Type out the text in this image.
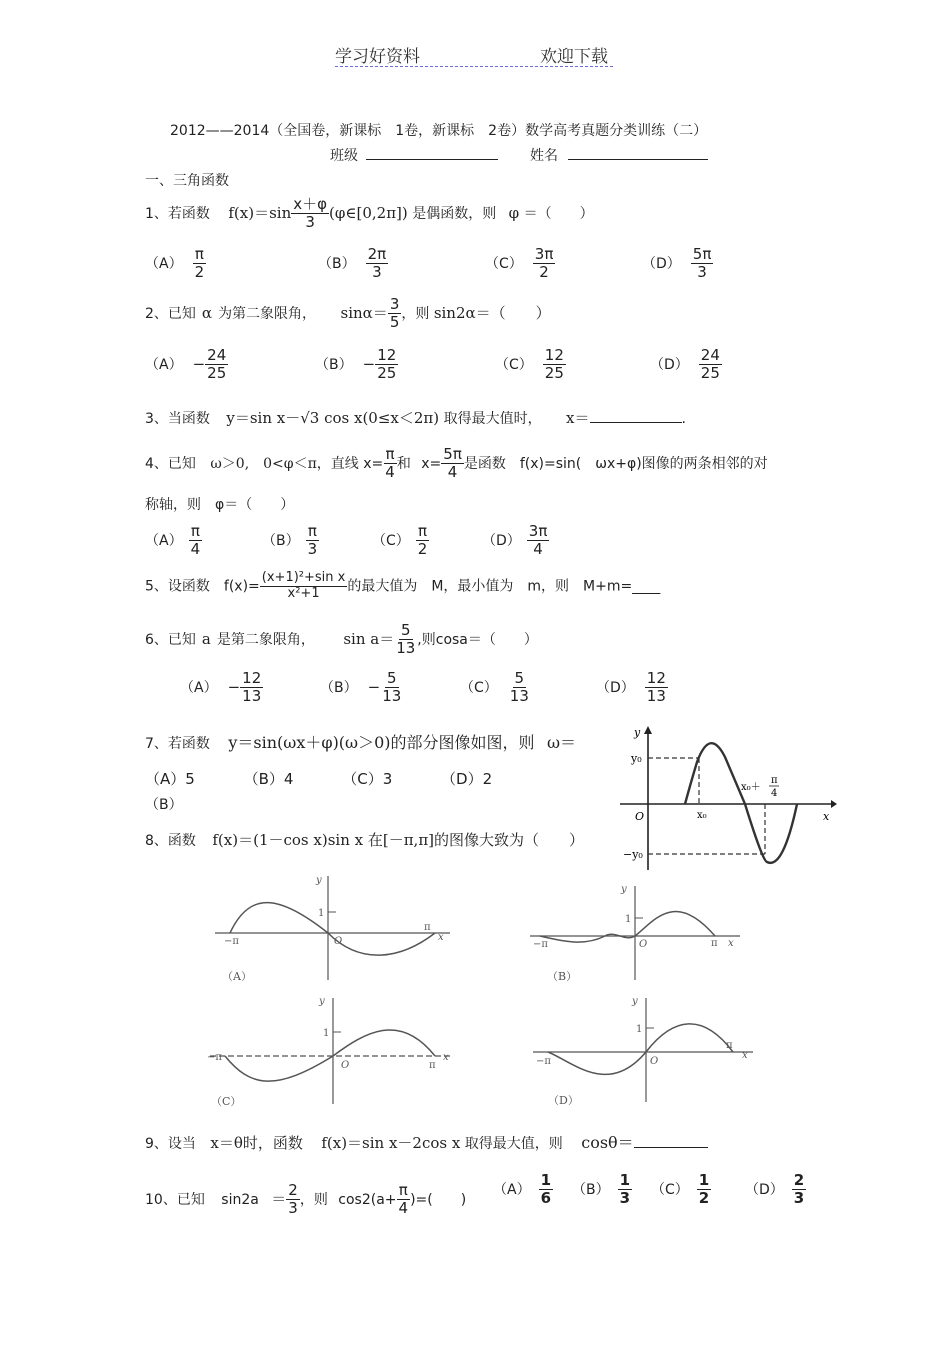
学习好资料	欢迎下载
2012——2014（全国卷，新课标　1卷，新课标　2卷）数学高考真题分类训练（二）
班级	姓名
一、三角函数
1、若函数 $f(x)=\sin \frac{x+\varphi}{3}$ (φ∈[0,2π]) 是偶函数，则 φ ＝（　　）
$(A) \frac{\pi}{2}$	$(B) \frac{2\pi}{3}$	$(C) \frac{3\pi}{2}$	$(D) \frac{5\pi}{3}$
2、已知 α 为第二象限角， $\sin\alpha= \frac{3}{5}$ ，则 sin2α＝（　　）
$(A) - \frac{24}{25}$	$(B) - \frac{12}{25}$	$(C) \frac{12}{25}$	$(D) \frac{24}{25}$
3、当函数 y＝sin x－√3 cos x(0≤x＜2π) 取得最大值时， x＝	.
4、已知 ω＞0,　0<φ＜π，直线 $x= \frac{\pi}{4}$ 和 $x= \frac{5\pi}{4}$ 是函数　f(x)=sin(　ωx+φ)图像的两条相邻的对
称轴，则　φ＝（　　）
$(A) \frac{\pi}{4}$	$(B) \frac{\pi}{3}$	$(C) \frac{\pi}{2}$	$(D) \frac{3\pi}{4}$
5、设函数　$f(x)= \frac{\text{(x+1)²+sin x}}{\text{x²+1}}$ 的最大值为　M，最小值为　m，则　M+m=____
6、已知 a 是第二象限角， $\sin a= \frac{5}{13}$ ,则cosa＝（　　）
$(A) - \frac{12}{13}$	$(B) - \frac{5}{13}$	$(C) \frac{5}{13}$	$(D) \frac{12}{13}$
7、若函数 y＝sin(ωx＋φ)(ω＞0)的部分图像如图，则 ω＝
（A）5	（B）4	（C）3	（D）2
（B）
y
x
O
y₀
−y₀
x₀
x₀＋
π
4
8、函数 f(x)＝(1－cos x)sin x 在[－π,π]的图像大致为（　　）
y
1
O
−π
π
x
（A）
y
1
O
−π	π x
（B）
y
1
O
−π
π
x
（C）
y
1
O
−π
π
x
（D）
9、设当 x＝θ时，函数 f(x)＝sin x－2cos x 取得最大值，则 cosθ＝
10、已知 $\sin 2a = \frac{2}{3}$ ，则 $\cos 2(a+ \frac{\pi}{4}$ )=(　　)
$(A) \frac{1}{6} (B) \frac{1}{3} (C) \frac{1}{2} (D) \frac{2}{3}$
